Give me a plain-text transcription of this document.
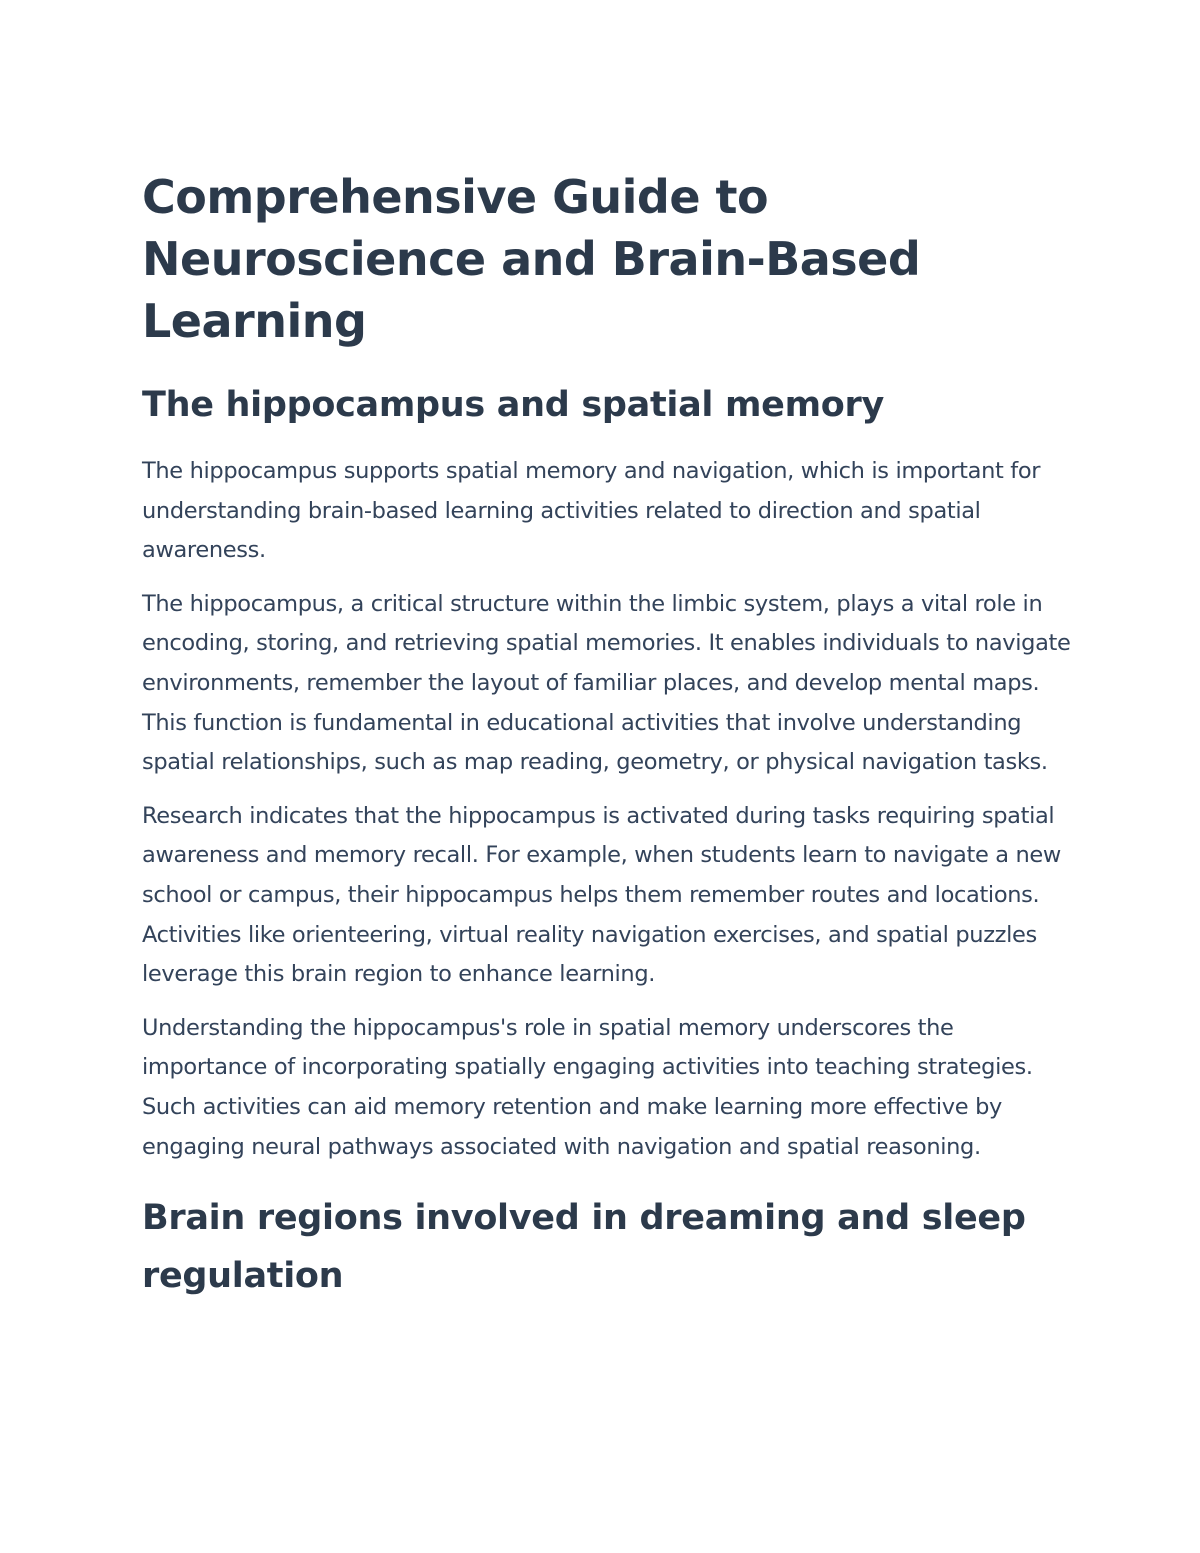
Comprehensive Guide to Neuroscience and Brain-Based Learning
The hippocampus and spatial memory

The hippocampus supports spatial memory and navigation, which is important for understanding brain-based learning activities related to direction and spatial awareness.

The hippocampus, a critical structure within the limbic system, plays a vital role in encoding, storing, and retrieving spatial memories. It enables individuals to navigate environments, remember the layout of familiar places, and develop mental maps. This function is fundamental in educational activities that involve understanding spatial relationships, such as map reading, geometry, or physical navigation tasks.

Research indicates that the hippocampus is activated during tasks requiring spatial awareness and memory recall. For example, when students learn to navigate a new school or campus, their hippocampus helps them remember routes and locations. Activities like orienteering, virtual reality navigation exercises, and spatial puzzles leverage this brain region to enhance learning.

Understanding the hippocampus's role in spatial memory underscores the importance of incorporating spatially engaging activities into teaching strategies. Such activities can aid memory retention and make learning more effective by engaging neural pathways associated with navigation and spatial reasoning.

Brain regions involved in dreaming and sleep regulation
